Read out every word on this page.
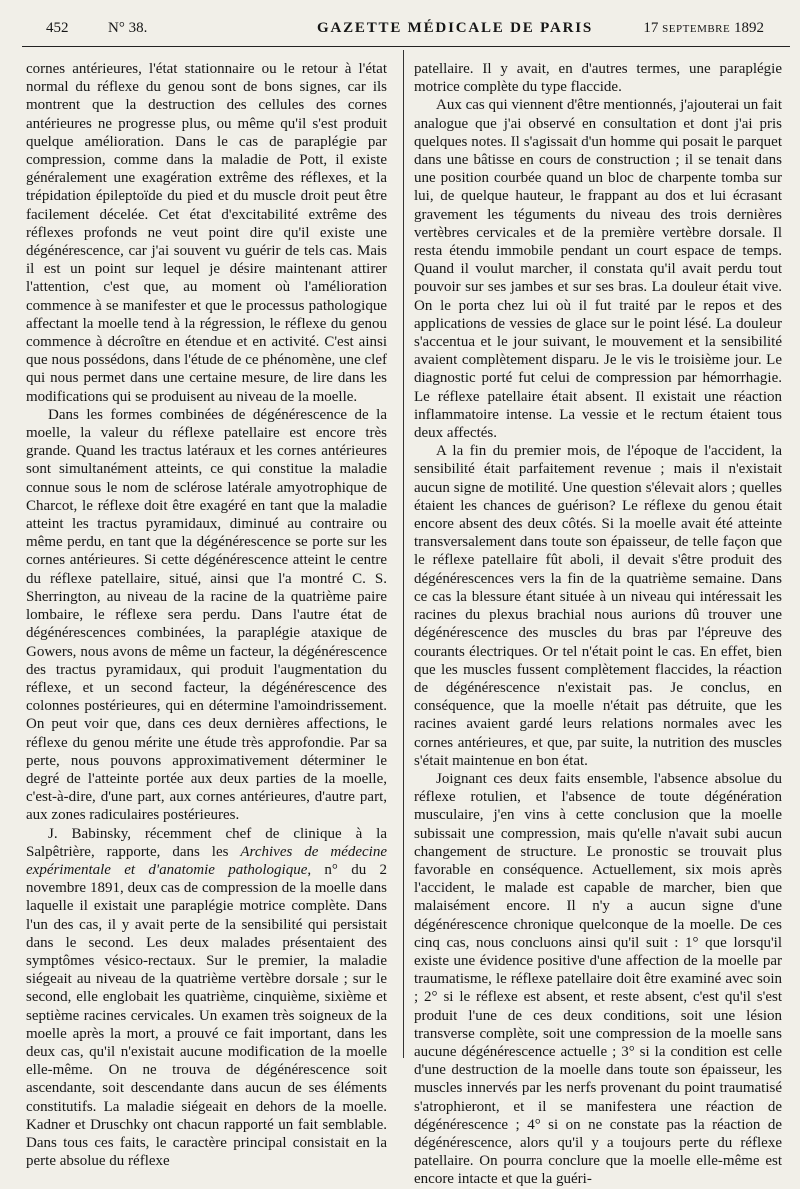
452	N° 38.	GAZETTE MÉDICALE DE PARIS	17 SEPTEMBRE 1892

cornes antérieures, l'état stationnaire ou le retour à l'état normal du réflexe du genou sont de bons signes, car ils montrent que la destruction des cellules des cornes antérieures ne progresse plus, ou même qu'il s'est produit quelque amélioration. Dans le cas de paraplégie par compression, comme dans la maladie de Pott, il existe généralement une exagération extrême des réflexes, et la trépidation épileptoïde du pied et du muscle droit peut être facilement décelée. Cet état d'excitabilité extrême des réflexes profonds ne veut point dire qu'il existe une dégénérescence, car j'ai souvent vu guérir de tels cas. Mais il est un point sur lequel je désire maintenant attirer l'attention, c'est que, au moment où l'amélioration commence à se manifester et que le processus pathologique affectant la moelle tend à la régression, le réflexe du genou commence à décroître en étendue et en activité. C'est ainsi que nous possédons, dans l'étude de ce phénomène, une clef qui nous permet dans une certaine mesure, de lire dans les modifications qui se produisent au niveau de la moelle.

Dans les formes combinées de dégénérescence de la moelle, la valeur du réflexe patellaire est encore très grande. Quand les tractus latéraux et les cornes antérieures sont simultanément atteints, ce qui constitue la maladie connue sous le nom de sclérose latérale amyotrophique de Charcot, le réflexe doit être exagéré en tant que la maladie atteint les tractus pyramidaux, diminué au contraire ou même perdu, en tant que la dégénérescence se porte sur les cornes antérieures. Si cette dégénérescence atteint le centre du réflexe patellaire, situé, ainsi que l'a montré C. S. Sherrington, au niveau de la racine de la quatrième paire lombaire, le réflexe sera perdu. Dans l'autre état de dégénérescences combinées, la paraplégie ataxique de Gowers, nous avons de même un facteur, la dégénérescence des tractus pyramidaux, qui produit l'augmentation du réflexe, et un second facteur, la dégénérescence des colonnes postérieures, qui en détermine l'amoindrissement. On peut voir que, dans ces deux dernières affections, le réflexe du genou mérite une étude très approfondie. Par sa perte, nous pouvons approximativement déterminer le degré de l'atteinte portée aux deux parties de la moelle, c'est-à-dire, d'une part, aux cornes antérieures, d'autre part, aux zones radiculaires postérieures.

J. Babinsky, récemment chef de clinique à la Salpêtrière, rapporte, dans les Archives de médecine expérimentale et d'anatomie pathologique, n° du 2 novembre 1891, deux cas de compression de la moelle dans laquelle il existait une paraplégie motrice complète. Dans l'un des cas, il y avait perte de la sensibilité qui persistait dans le second. Les deux malades présentaient des symptômes vésico-rectaux. Sur le premier, la maladie siégeait au niveau de la quatrième vertèbre dorsale ; sur le second, elle englobait les quatrième, cinquième, sixième et septième racines cervicales. Un examen très soigneux de la moelle après la mort, a prouvé ce fait important, dans les deux cas, qu'il n'existait aucune modification de la moelle elle-même. On ne trouva de dégénérescence soit ascendante, soit descendante dans aucun de ses éléments constitutifs. La maladie siégeait en dehors de la moelle. Kadner et Druschky ont chacun rapporté un fait semblable. Dans tous ces faits, le caractère principal consistait en la perte absolue du réflexe

patellaire. Il y avait, en d'autres termes, une paraplégie motrice complète du type flaccide.

Aux cas qui viennent d'être mentionnés, j'ajouterai un fait analogue que j'ai observé en consultation et dont j'ai pris quelques notes. Il s'agissait d'un homme qui posait le parquet dans une bâtisse en cours de construction ; il se tenait dans une position courbée quand un bloc de charpente tomba sur lui, de quelque hauteur, le frappant au dos et lui écrasant gravement les téguments du niveau des trois dernières vertèbres cervicales et de la première vertèbre dorsale. Il resta étendu immobile pendant un court espace de temps. Quand il voulut marcher, il constata qu'il avait perdu tout pouvoir sur ses jambes et sur ses bras. La douleur était vive. On le porta chez lui où il fut traité par le repos et des applications de vessies de glace sur le point lésé. La douleur s'accentua et le jour suivant, le mouvement et la sensibilité avaient complètement disparu. Je le vis le troisième jour. Le diagnostic porté fut celui de compression par hémorrhagie. Le réflexe patellaire était absent. Il existait une réaction inflammatoire intense. La vessie et le rectum étaient tous deux affectés.

A la fin du premier mois, de l'époque de l'accident, la sensibilité était parfaitement revenue ; mais il n'existait aucun signe de motilité. Une question s'élevait alors ; quelles étaient les chances de guérison? Le réflexe du genou était encore absent des deux côtés. Si la moelle avait été atteinte transversalement dans toute son épaisseur, de telle façon que le réflexe patellaire fût aboli, il devait s'être produit des dégénérescences vers la fin de la quatrième semaine. Dans ce cas la blessure étant située à un niveau qui intéressait les racines du plexus brachial nous aurions dû trouver une dégénérescence des muscles du bras par l'épreuve des courants électriques. Or tel n'était point le cas. En effet, bien que les muscles fussent complètement flaccides, la réaction de dégénérescence n'existait pas. Je conclus, en conséquence, que la moelle n'était pas détruite, que les racines avaient gardé leurs relations normales avec les cornes antérieures, et que, par suite, la nutrition des muscles s'était maintenue en bon état.

Joignant ces deux faits ensemble, l'absence absolue du réflexe rotulien, et l'absence de toute dégénération musculaire, j'en vins à cette conclusion que la moelle subissait une compression, mais qu'elle n'avait subi aucun changement de structure. Le pronostic se trouvait plus favorable en conséquence. Actuellement, six mois après l'accident, le malade est capable de marcher, bien que malaisément encore. Il n'y a aucun signe d'une dégénérescence chronique quelconque de la moelle. De ces cinq cas, nous concluons ainsi qu'il suit : 1° que lorsqu'il existe une évidence positive d'une affection de la moelle par traumatisme, le réflexe patellaire doit être examiné avec soin ; 2° si le réflexe est absent, et reste absent, c'est qu'il s'est produit l'une de ces deux conditions, soit une lésion transverse complète, soit une compression de la moelle sans aucune dégénérescence actuelle ; 3° si la condition est celle d'une destruction de la moelle dans toute son épaisseur, les muscles innervés par les nerfs provenant du point traumatisé s'atrophieront, et il se manifestera une réaction de dégénérescence ; 4° si on ne constate pas la réaction de dégénérescence, alors qu'il y a toujours perte du réflexe patellaire. On pourra conclure que la moelle elle-même est encore intacte et que la guéri-
